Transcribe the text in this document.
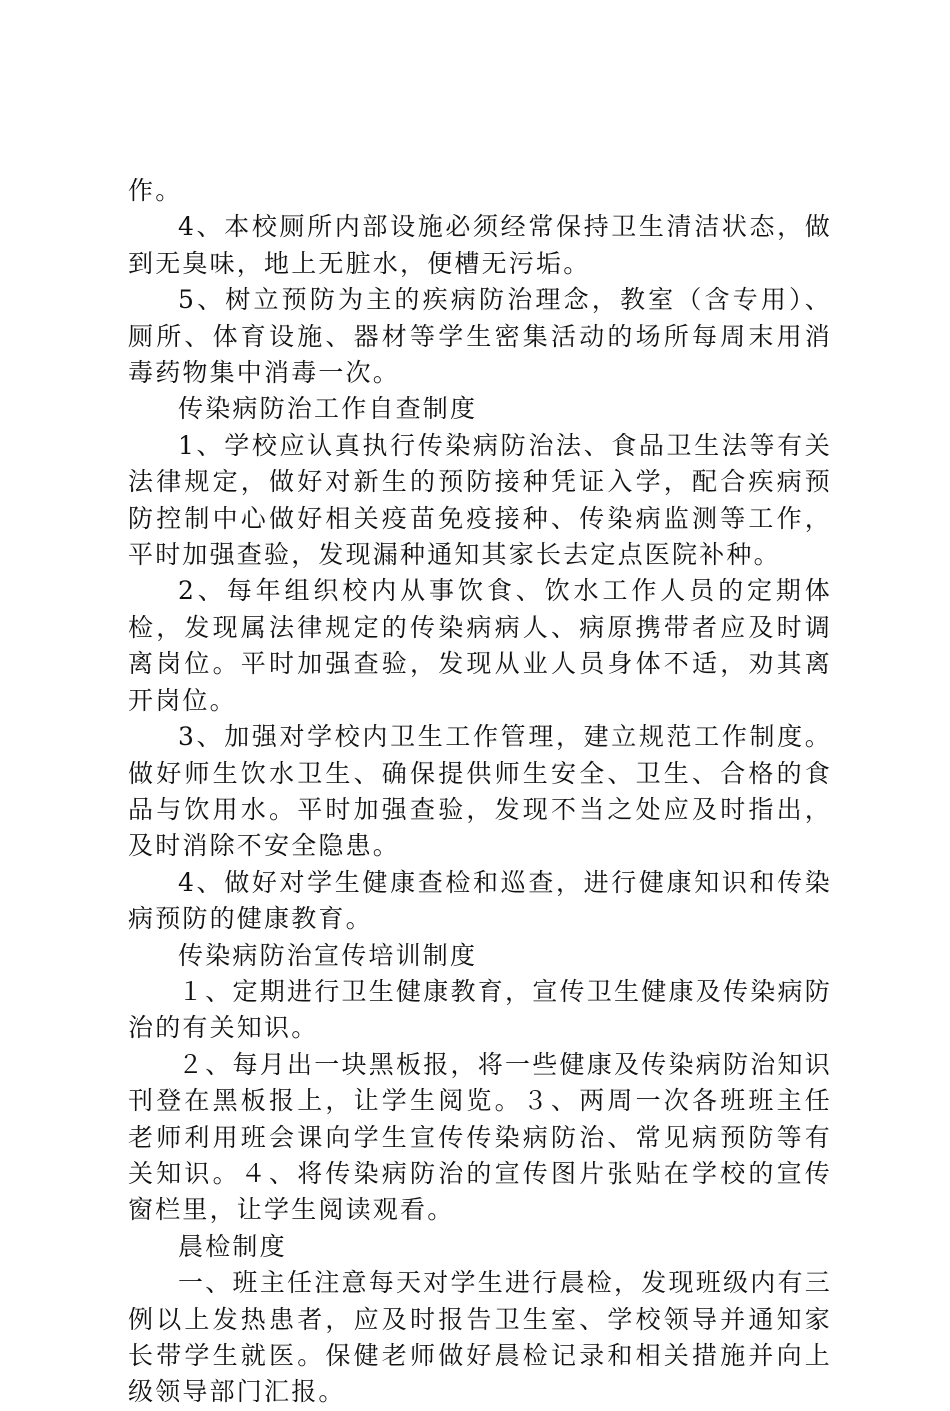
作。

4、本校厕所内部设施必须经常保持卫生清洁状态，做到无臭味，地上无脏水，便槽无污垢。

5、树立预防为主的疾病防治理念，教室（含专用）、厕所、体育设施、器材等学生密集活动的场所每周末用消毒药物集中消毒一次。

传染病防治工作自查制度

1、学校应认真执行传染病防治法、食品卫生法等有关法律规定，做好对新生的预防接种凭证入学，配合疾病预防控制中心做好相关疫苗免疫接种、传染病监测等工作，平时加强查验，发现漏种通知其家长去定点医院补种。

2、每年组织校内从事饮食、饮水工作人员的定期体检，发现属法律规定的传染病病人、病原携带者应及时调离岗位。平时加强查验，发现从业人员身体不适，劝其离开岗位。

3、加强对学校内卫生工作管理，建立规范工作制度。做好师生饮水卫生、确保提供师生安全、卫生、合格的食品与饮用水。平时加强查验，发现不当之处应及时指出，及时消除不安全隐患。

4、做好对学生健康查检和巡查，进行健康知识和传染病预防的健康教育。

传染病防治宣传培训制度

１、定期进行卫生健康教育，宣传卫生健康及传染病防治的有关知识。

２、每月出一块黑板报，将一些健康及传染病防治知识刊登在黑板报上，让学生阅览。３、两周一次各班班主任老师利用班会课向学生宣传传染病防治、常见病预防等有关知识。４、将传染病防治的宣传图片张贴在学校的宣传窗栏里，让学生阅读观看。

晨检制度

一、班主任注意每天对学生进行晨检，发现班级内有三例以上发热患者，应及时报告卫生室、学校领导并通知家长带学生就医。保健老师做好晨检记录和相关措施并向上级领导部门汇报。
